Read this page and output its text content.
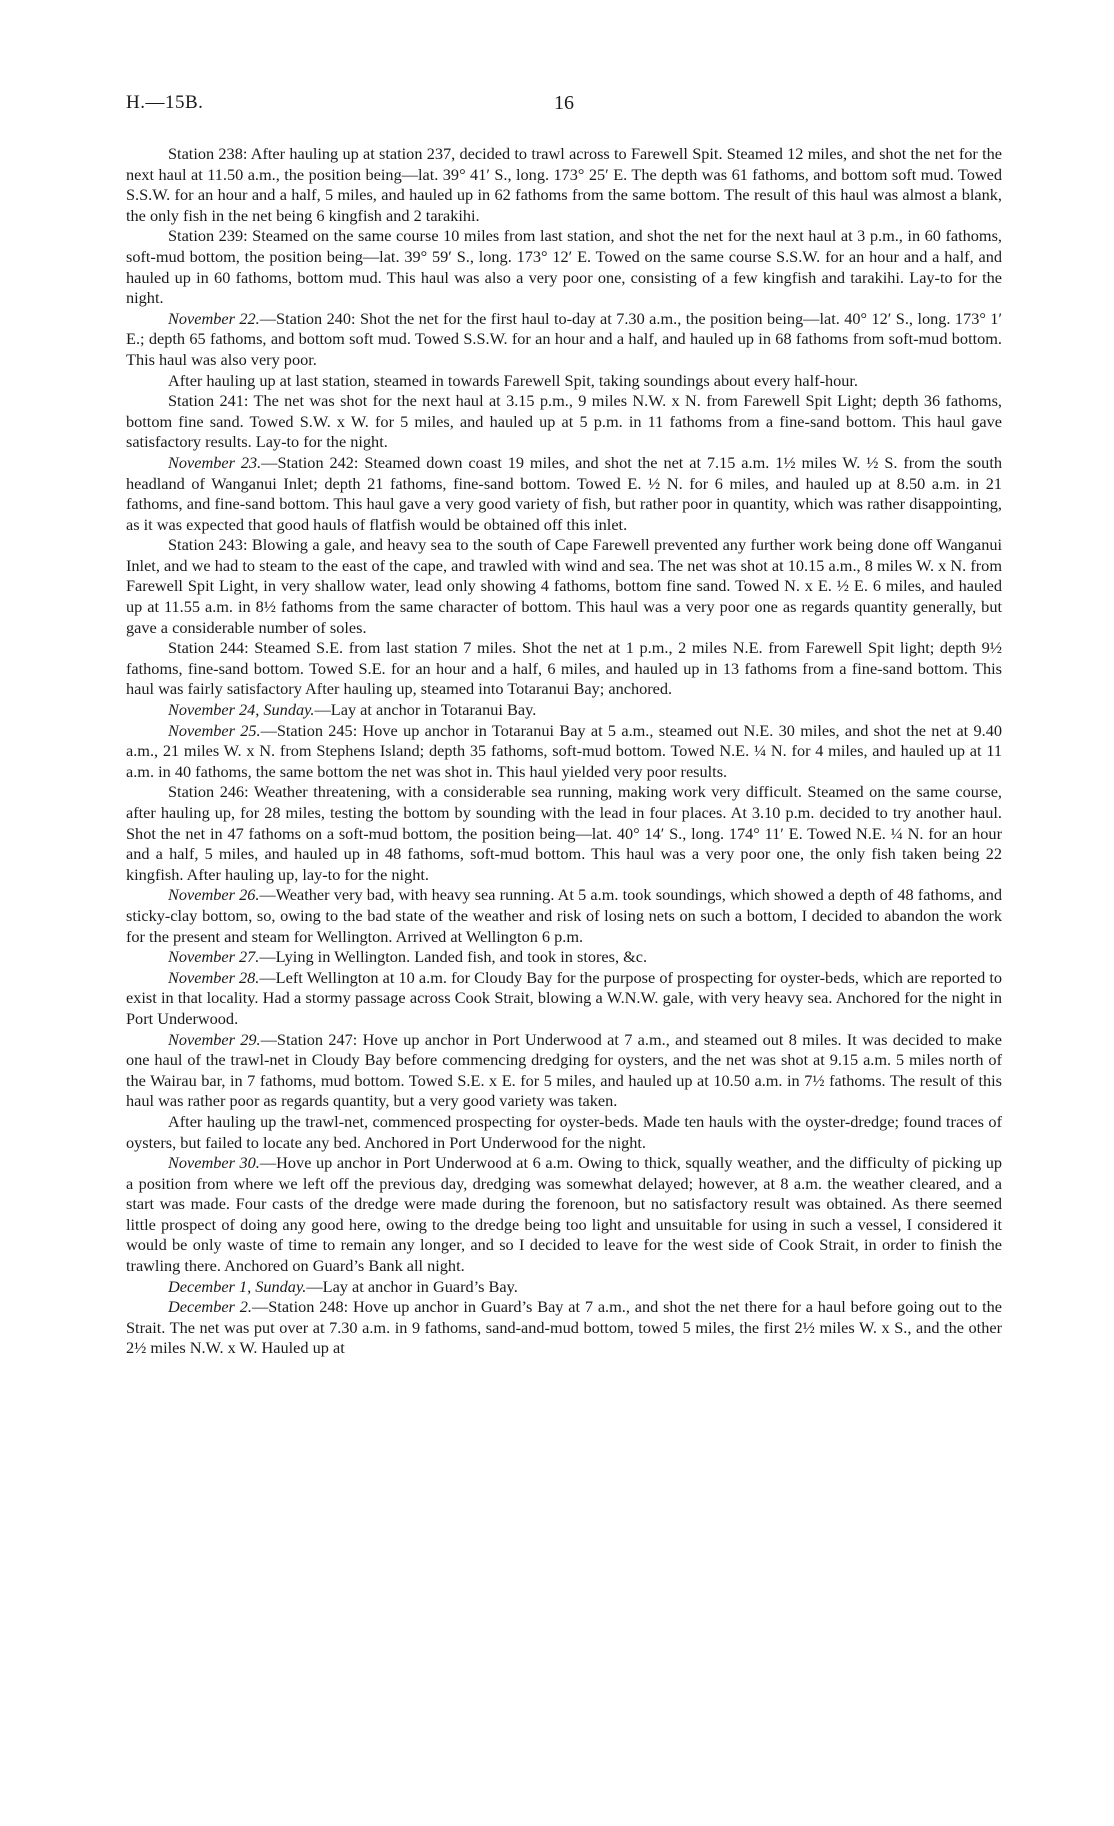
H.—15B.	16

Station 238: After hauling up at station 237, decided to trawl across to Farewell Spit. Steamed 12 miles, and shot the net for the next haul at 11.50 a.m., the position being—lat. 39° 41′ S., long. 173° 25′ E. The depth was 61 fathoms, and bottom soft mud. Towed S.S.W. for an hour and a half, 5 miles, and hauled up in 62 fathoms from the same bottom. The result of this haul was almost a blank, the only fish in the net being 6 kingfish and 2 tarakihi.

Station 239: Steamed on the same course 10 miles from last station, and shot the net for the next haul at 3 p.m., in 60 fathoms, soft-mud bottom, the position being—lat. 39° 59′ S., long. 173° 12′ E. Towed on the same course S.S.W. for an hour and a half, and hauled up in 60 fathoms, bottom mud. This haul was also a very poor one, consisting of a few kingfish and tarakihi. Lay-to for the night.

November 22.—Station 240: Shot the net for the first haul to-day at 7.30 a.m., the position being—lat. 40° 12′ S., long. 173° 1′ E.; depth 65 fathoms, and bottom soft mud. Towed S.S.W. for an hour and a half, and hauled up in 68 fathoms from soft-mud bottom. This haul was also very poor.

After hauling up at last station, steamed in towards Farewell Spit, taking soundings about every half-hour.

Station 241: The net was shot for the next haul at 3.15 p.m., 9 miles N.W. x N. from Farewell Spit Light; depth 36 fathoms, bottom fine sand. Towed S.W. x W. for 5 miles, and hauled up at 5 p.m. in 11 fathoms from a fine-sand bottom. This haul gave satisfactory results. Lay-to for the night.

November 23.—Station 242: Steamed down coast 19 miles, and shot the net at 7.15 a.m. 1½ miles W. ½ S. from the south headland of Wanganui Inlet; depth 21 fathoms, fine-sand bottom. Towed E. ½ N. for 6 miles, and hauled up at 8.50 a.m. in 21 fathoms, and fine-sand bottom. This haul gave a very good variety of fish, but rather poor in quantity, which was rather disappointing, as it was expected that good hauls of flatfish would be obtained off this inlet.

Station 243: Blowing a gale, and heavy sea to the south of Cape Farewell prevented any further work being done off Wanganui Inlet, and we had to steam to the east of the cape, and trawled with wind and sea. The net was shot at 10.15 a.m., 8 miles W. x N. from Farewell Spit Light, in very shallow water, lead only showing 4 fathoms, bottom fine sand. Towed N. x E. ½ E. 6 miles, and hauled up at 11.55 a.m. in 8½ fathoms from the same character of bottom. This haul was a very poor one as regards quantity generally, but gave a considerable number of soles.

Station 244: Steamed S.E. from last station 7 miles. Shot the net at 1 p.m., 2 miles N.E. from Farewell Spit light; depth 9½ fathoms, fine-sand bottom. Towed S.E. for an hour and a half, 6 miles, and hauled up in 13 fathoms from a fine-sand bottom. This haul was fairly satisfactory After hauling up, steamed into Totaranui Bay; anchored.

November 24, Sunday.—Lay at anchor in Totaranui Bay.

November 25.—Station 245: Hove up anchor in Totaranui Bay at 5 a.m., steamed out N.E. 30 miles, and shot the net at 9.40 a.m., 21 miles W. x N. from Stephens Island; depth 35 fathoms, soft-mud bottom. Towed N.E. ¼ N. for 4 miles, and hauled up at 11 a.m. in 40 fathoms, the same bottom the net was shot in. This haul yielded very poor results.

Station 246: Weather threatening, with a considerable sea running, making work very difficult. Steamed on the same course, after hauling up, for 28 miles, testing the bottom by sounding with the lead in four places. At 3.10 p.m. decided to try another haul. Shot the net in 47 fathoms on a soft-mud bottom, the position being—lat. 40° 14′ S., long. 174° 11′ E. Towed N.E. ¼ N. for an hour and a half, 5 miles, and hauled up in 48 fathoms, soft-mud bottom. This haul was a very poor one, the only fish taken being 22 kingfish. After hauling up, lay-to for the night.

November 26.—Weather very bad, with heavy sea running. At 5 a.m. took soundings, which showed a depth of 48 fathoms, and sticky-clay bottom, so, owing to the bad state of the weather and risk of losing nets on such a bottom, I decided to abandon the work for the present and steam for Wellington. Arrived at Wellington 6 p.m.

November 27.—Lying in Wellington. Landed fish, and took in stores, &c.

November 28.—Left Wellington at 10 a.m. for Cloudy Bay for the purpose of prospecting for oyster-beds, which are reported to exist in that locality. Had a stormy passage across Cook Strait, blowing a W.N.W. gale, with very heavy sea. Anchored for the night in Port Underwood.

November 29.—Station 247: Hove up anchor in Port Underwood at 7 a.m., and steamed out 8 miles. It was decided to make one haul of the trawl-net in Cloudy Bay before commencing dredging for oysters, and the net was shot at 9.15 a.m. 5 miles north of the Wairau bar, in 7 fathoms, mud bottom. Towed S.E. x E. for 5 miles, and hauled up at 10.50 a.m. in 7½ fathoms. The result of this haul was rather poor as regards quantity, but a very good variety was taken.

After hauling up the trawl-net, commenced prospecting for oyster-beds. Made ten hauls with the oyster-dredge; found traces of oysters, but failed to locate any bed. Anchored in Port Underwood for the night.

November 30.—Hove up anchor in Port Underwood at 6 a.m. Owing to thick, squally weather, and the difficulty of picking up a position from where we left off the previous day, dredging was somewhat delayed; however, at 8 a.m. the weather cleared, and a start was made. Four casts of the dredge were made during the forenoon, but no satisfactory result was obtained. As there seemed little prospect of doing any good here, owing to the dredge being too light and unsuitable for using in such a vessel, I considered it would be only waste of time to remain any longer, and so I decided to leave for the west side of Cook Strait, in order to finish the trawling there. Anchored on Guard’s Bank all night.

December 1, Sunday.—Lay at anchor in Guard’s Bay.

December 2.—Station 248: Hove up anchor in Guard’s Bay at 7 a.m., and shot the net there for a haul before going out to the Strait. The net was put over at 7.30 a.m. in 9 fathoms, sand-and-mud bottom, towed 5 miles, the first 2½ miles W. x S., and the other 2½ miles N.W. x W. Hauled up at
